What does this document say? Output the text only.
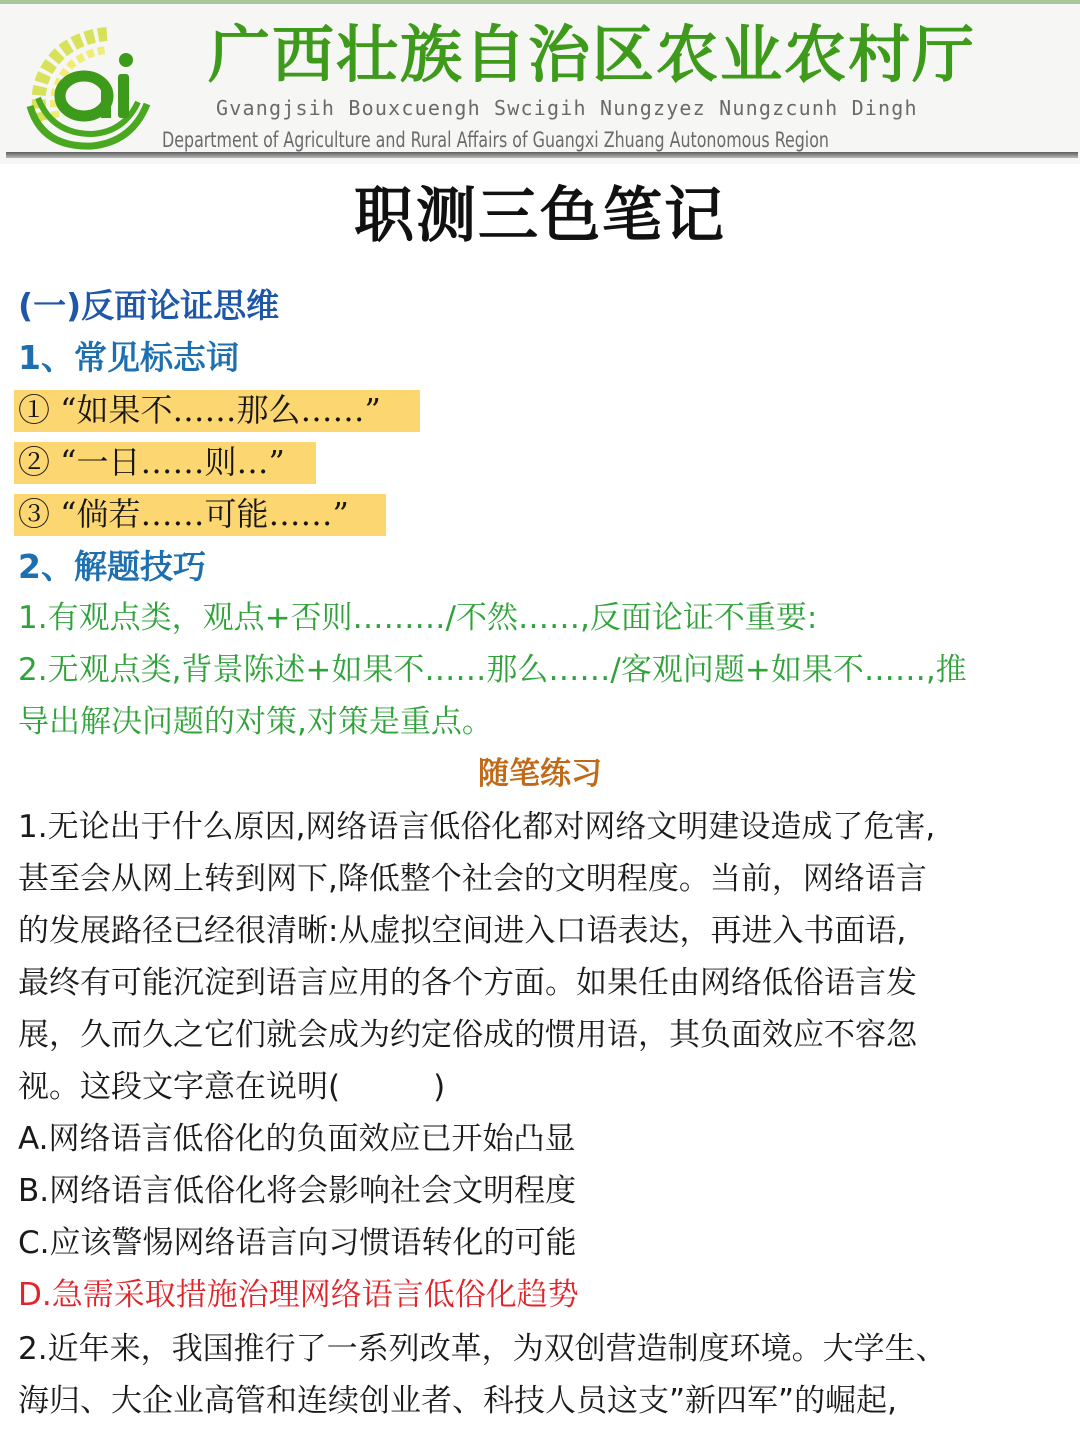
广西壮族自治区农业农村厅
Gvangjsih Bouxcuengh Swcigih Nungzyez Nungzcunh Dingh
Department of Agriculture and Rural Affairs of Guangxi Zhuang Autonomous Region
职测三色笔记
(一)反面论证思维
1、常见标志词
① “如果不……那么……”
② “一日……则…”
③ “倘若……可能……”
2、解题技巧
1.有观点类，观点+否则………/不然……,反面论证不重要:
2.无观点类,背景陈述+如果不……那么……/客观问题+如果不……,推
导出解决问题的对策,对策是重点。
随笔练习
1.无论出于什么原因,网络语言低俗化都对网络文明建设造成了危害,
甚至会从网上转到网下,降低整个社会的文明程度。当前，网络语言
的发展路径已经很清晰:从虚拟空间进入口语表达，再进入书面语,
最终有可能沉淀到语言应用的各个方面。如果任由网络低俗语言发
展，久而久之它们就会成为约定俗成的惯用语，其负面效应不容忽
视。这段文字意在说明(　　　)
A.网络语言低俗化的负面效应已开始凸显
B.网络语言低俗化将会影响社会文明程度
C.应该警惕网络语言向习惯语转化的可能
D.急需采取措施治理网络语言低俗化趋势
2.近年来，我国推行了一系列改革，为双创营造制度环境。大学生、
海归、大企业高管和连续创业者、科技人员这支”新四军”的崛起,
